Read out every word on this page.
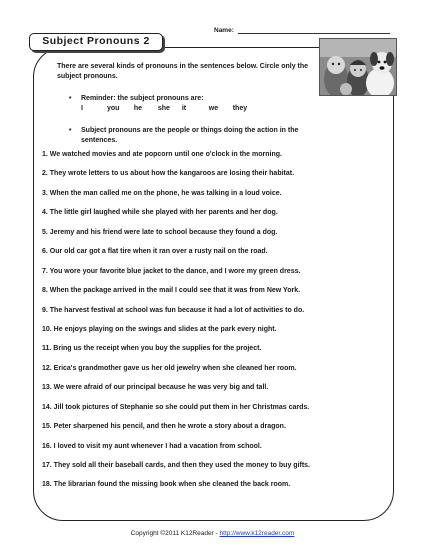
Name:
Subject Pronouns 2
There are several kinds of pronouns in the sentences below. Circle only the subject pronouns.
• Reminder: the subject pronouns are:
I	you he she it	we they
• Subject pronouns are the people or things doing the action in the sentences.
1. We watched movies and ate popcorn until one o'clock in the morning.
2. They wrote letters to us about how the kangaroos are losing their habitat.
3. When the man called me on the phone, he was talking in a loud voice.
4. The little girl laughed while she played with her parents and her dog.
5. Jeremy and his friend were late to school because they found a dog.
6. Our old car got a flat tire when it ran over a rusty nail on the road.
7. You wore your favorite blue jacket to the dance, and I wore my green dress.
8. When the package arrived in the mail I could see that it was from New York.
9. The harvest festival at school was fun because it had a lot of activities to do.
10. He enjoys playing on the swings and slides at the park every night.
11. Bring us the receipt when you buy the supplies for the project.
12. Erica's grandmother gave us her old jewelry when she cleaned her room.
13. We were afraid of our principal because he was very big and tall.
14. Jill took pictures of Stephanie so she could put them in her Christmas cards.
15. Peter sharpened his pencil, and then he wrote a story about a dragon.
16. I loved to visit my aunt whenever I had a vacation from school.
17. They sold all their baseball cards, and then they used the money to buy gifts.
18. The librarian found the missing book when she cleaned the back room.
Copyright ©2011 K12Reader - http://www.k12reader.com
